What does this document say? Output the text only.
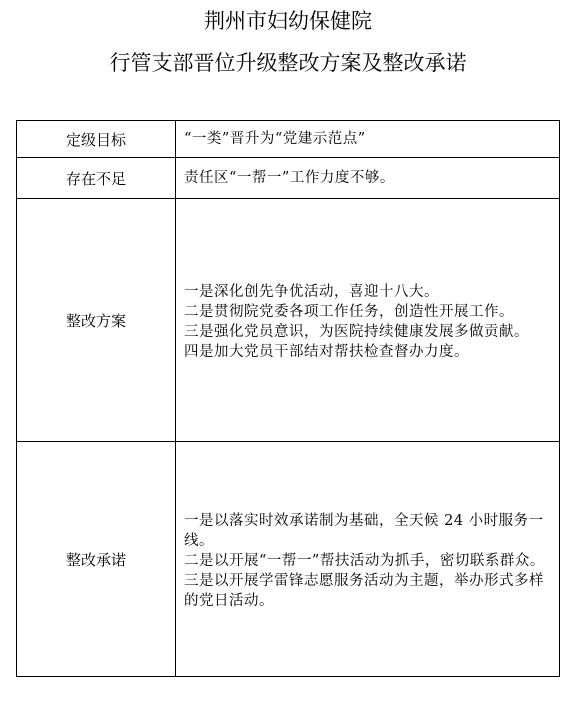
荆州市妇幼保健院
行管支部晋位升级整改方案及整改承诺
定级目标	“一类”晋升为“党建示范点”

存在不足	责任区“一帮一”工作力度不够。

整改方案	一是深化创先争优活动，喜迎十八大。
二是贯彻院党委各项工作任务，创造性开展工作。
三是强化党员意识，为医院持续健康发展多做贡献。
四是加大党员干部结对帮扶检查督办力度。

整改承诺	一是以落实时效承诺制为基础，全天候 24 小时服务一线。
二是以开展“一帮一”帮扶活动为抓手，密切联系群众。
三是以开展学雷锋志愿服务活动为主题，举办形式多样的党日活动。
